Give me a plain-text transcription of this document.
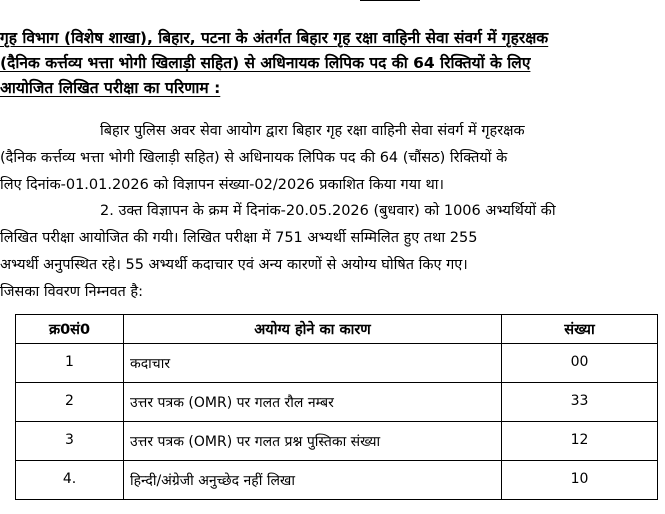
गृह विभाग (विशेष शाखा), बिहार, पटना के अंतर्गत बिहार गृह रक्षा वाहिनी सेवा संवर्ग में गृहरक्षक
(दैनिक कर्त्तव्य भत्ता भोगी खिलाड़ी सहित) से अधिनायक लिपिक पद की 64 रिक्तियों के लिए
आयोजित लिखित परीक्षा का परिणाम :
बिहार पुलिस अवर सेवा आयोग द्वारा बिहार गृह रक्षा वाहिनी सेवा संवर्ग में गृहरक्षक
(दैनिक कर्त्तव्य भत्ता भोगी खिलाड़ी सहित) से अधिनायक लिपिक पद की 64 (चौंसठ) रिक्तियों के
लिए दिनांक-01.01.2026 को विज्ञापन संख्या-02/2026 प्रकाशित किया गया था।
2. उक्त विज्ञापन के क्रम में दिनांक-20.05.2026 (बुधवार) को 1006 अभ्यर्थियों की
लिखित परीक्षा आयोजित की गयी। लिखित परीक्षा में 751 अभ्यर्थी सम्मिलित हुए तथा 255
अभ्यर्थी अनुपस्थित रहे। 55 अभ्यर्थी कदाचार एवं अन्य कारणों से अयोग्य घोषित किए गए।
जिसका विवरण निम्नवत है:
क्र0सं0	अयोग्य होने का कारण	संख्या
1	कदाचार	00
2	उत्तर पत्रक (OMR) पर गलत रौल नम्बर	33
3	उत्तर पत्रक (OMR) पर गलत प्रश्न पुस्तिका संख्या	12
4.	हिन्दी/अंग्रेजी अनुच्छेद नहीं लिखा	10
